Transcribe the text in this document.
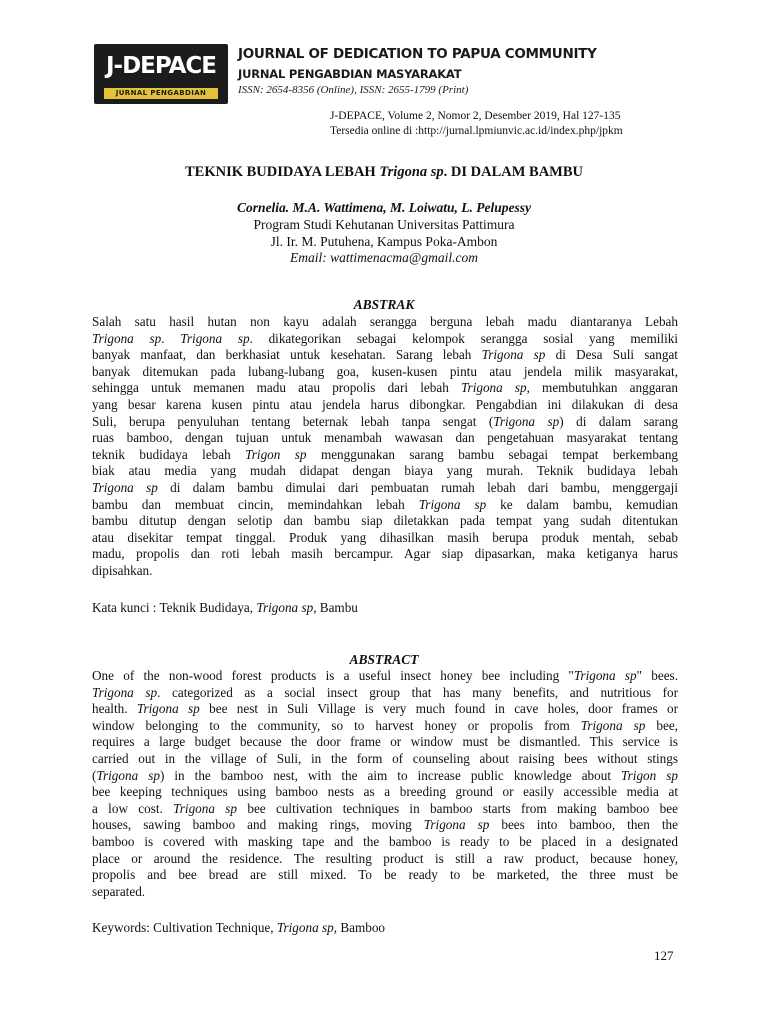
J-DEPACE
JURNAL PENGABDIAN
JOURNAL OF DEDICATION TO PAPUA COMMUNITY
JURNAL PENGABDIAN MASYARAKAT
ISSN: 2654-8356 (Online), ISSN: 2655-1799 (Print)
J-DEPACE, Volume 2, Nomor 2, Desember 2019, Hal 127-135
Tersedia online di :http://jurnal.lpmiunvic.ac.id/index.php/jpkm
TEKNIK BUDIDAYA LEBAH Trigona sp. DI DALAM BAMBU
Cornelia. M.A. Wattimena, M. Loiwatu, L. Pelupessy
Program Studi Kehutanan Universitas Pattimura
Jl. Ir. M. Putuhena, Kampus Poka-Ambon
Email: wattimenacma@gmail.com
ABSTRAK
Salah satu hasil hutan non kayu adalah serangga berguna lebah madu diantaranya Lebah
Trigona sp. Trigona sp. dikategorikan sebagai kelompok serangga sosial yang memiliki
banyak manfaat, dan berkhasiat untuk kesehatan. Sarang lebah Trigona sp di Desa Suli sangat
banyak ditemukan pada lubang-lubang goa, kusen-kusen pintu atau jendela milik masyarakat,
sehingga untuk memanen madu atau propolis dari lebah Trigona sp, membutuhkan anggaran
yang besar karena kusen pintu atau jendela harus dibongkar. Pengabdian ini dilakukan di desa
Suli, berupa penyuluhan tentang beternak lebah tanpa sengat (Trigona sp) di dalam sarang
ruas bamboo, dengan tujuan untuk menambah wawasan dan pengetahuan masyarakat tentang
teknik budidaya lebah Trigon sp menggunakan sarang bambu sebagai tempat berkembang
biak atau media yang mudah didapat dengan biaya yang murah. Teknik budidaya lebah
Trigona sp di dalam bambu dimulai dari pembuatan rumah lebah dari bambu, menggergaji
bambu dan membuat cincin, memindahkan lebah Trigona sp ke dalam bambu, kemudian
bambu ditutup dengan selotip dan bambu siap diletakkan pada tempat yang sudah ditentukan
atau disekitar tempat tinggal. Produk yang dihasilkan masih berupa produk mentah, sebab
madu, propolis dan roti lebah masih bercampur. Agar siap dipasarkan, maka ketiganya harus
dipisahkan.
Kata kunci : Teknik Budidaya, Trigona sp, Bambu
ABSTRACT
One of the non-wood forest products is a useful insect honey bee including "Trigona sp" bees.
Trigona sp. categorized as a social insect group that has many benefits, and nutritious for
health. Trigona sp bee nest in Suli Village is very much found in cave holes, door frames or
window belonging to the community, so to harvest honey or propolis from Trigona sp bee,
requires a large budget because the door frame or window must be dismantled. This service is
carried out in the village of Suli, in the form of counseling about raising bees without stings
(Trigona sp) in the bamboo nest, with the aim to increase public knowledge about Trigon sp
bee keeping techniques using bamboo nests as a breeding ground or easily accessible media at
a low cost. Trigona sp bee cultivation techniques in bamboo starts from making bamboo bee
houses, sawing bamboo and making rings, moving Trigona sp bees into bamboo, then the
bamboo is covered with masking tape and the bamboo is ready to be placed in a designated
place or around the residence. The resulting product is still a raw product, because honey,
propolis and bee bread are still mixed. To be ready to be marketed, the three must be
separated.
Keywords: Cultivation Technique, Trigona sp, Bamboo
127
